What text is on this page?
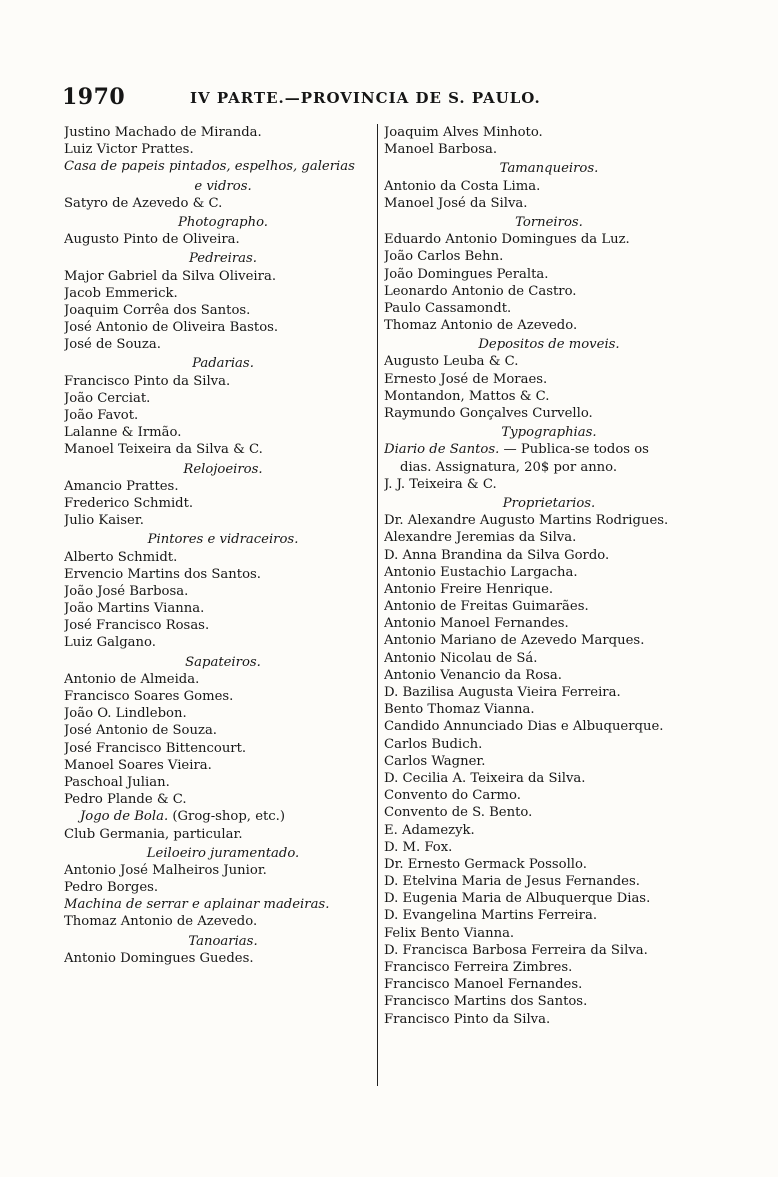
1970	IV PARTE.—PROVINCIA DE S. PAULO.
Justino Machado de Miranda.
Luiz Victor Prattes.
Casa de papeis pintados, espelhos, galerias
e vidros.
Satyro de Azevedo & C.
Photographo.
Augusto Pinto de Oliveira.
Pedreiras.
Major Gabriel da Silva Oliveira.
Jacob Emmerick.
Joaquim Corrêa dos Santos.
José Antonio de Oliveira Bastos.
José de Souza.
Padarias.
Francisco Pinto da Silva.
João Cerciat.
João Favot.
Lalanne & Irmão.
Manoel Teixeira da Silva & C.
Relojoeiros.
Amancio Prattes.
Frederico Schmidt.
Julio Kaiser.
Pintores e vidraceiros.
Alberto Schmidt.
Ervencio Martins dos Santos.
João José Barbosa.
João Martins Vianna.
José Francisco Rosas.
Luiz Galgano.
Sapateiros.
Antonio de Almeida.
Francisco Soares Gomes.
João O. Lindlebon.
José Antonio de Souza.
José Francisco Bittencourt.
Manoel Soares Vieira.
Paschoal Julian.
Pedro Plande & C.
Jogo de Bola. (Grog-shop, etc.)
Club Germania, particular.
Leiloeiro juramentado.
Antonio José Malheiros Junior.
Pedro Borges.
Machina de serrar e aplainar madeiras.
Thomaz Antonio de Azevedo.
Tanoarias.
Antonio Domingues Guedes.
Joaquim Alves Minhoto.
Manoel Barbosa.
Tamanqueiros.
Antonio da Costa Lima.
Manoel José da Silva.
Torneiros.
Eduardo Antonio Domingues da Luz.
João Carlos Behn.
João Domingues Peralta.
Leonardo Antonio de Castro.
Paulo Cassamondt.
Thomaz Antonio de Azevedo.
Depositos de moveis.
Augusto Leuba & C.
Ernesto José de Moraes.
Montandon, Mattos & C.
Raymundo Gonçalves Curvello.
Typographias.
Diario de Santos. — Publica-se todos os
dias. Assignatura, 20$ por anno.
J. J. Teixeira & C.
Proprietarios.
Dr. Alexandre Augusto Martins Rodrigues.
Alexandre Jeremias da Silva.
D. Anna Brandina da Silva Gordo.
Antonio Eustachio Largacha.
Antonio Freire Henrique.
Antonio de Freitas Guimarães.
Antonio Manoel Fernandes.
Antonio Mariano de Azevedo Marques.
Antonio Nicolau de Sá.
Antonio Venancio da Rosa.
D. Bazilisa Augusta Vieira Ferreira.
Bento Thomaz Vianna.
Candido Annunciado Dias e Albuquerque.
Carlos Budich.
Carlos Wagner.
D. Cecilia A. Teixeira da Silva.
Convento do Carmo.
Convento de S. Bento.
E. Adamezyk.
D. M. Fox.
Dr. Ernesto Germack Possollo.
D. Etelvina Maria de Jesus Fernandes.
D. Eugenia Maria de Albuquerque Dias.
D. Evangelina Martins Ferreira.
Felix Bento Vianna.
D. Francisca Barbosa Ferreira da Silva.
Francisco Ferreira Zimbres.
Francisco Manoel Fernandes.
Francisco Martins dos Santos.
Francisco Pinto da Silva.
